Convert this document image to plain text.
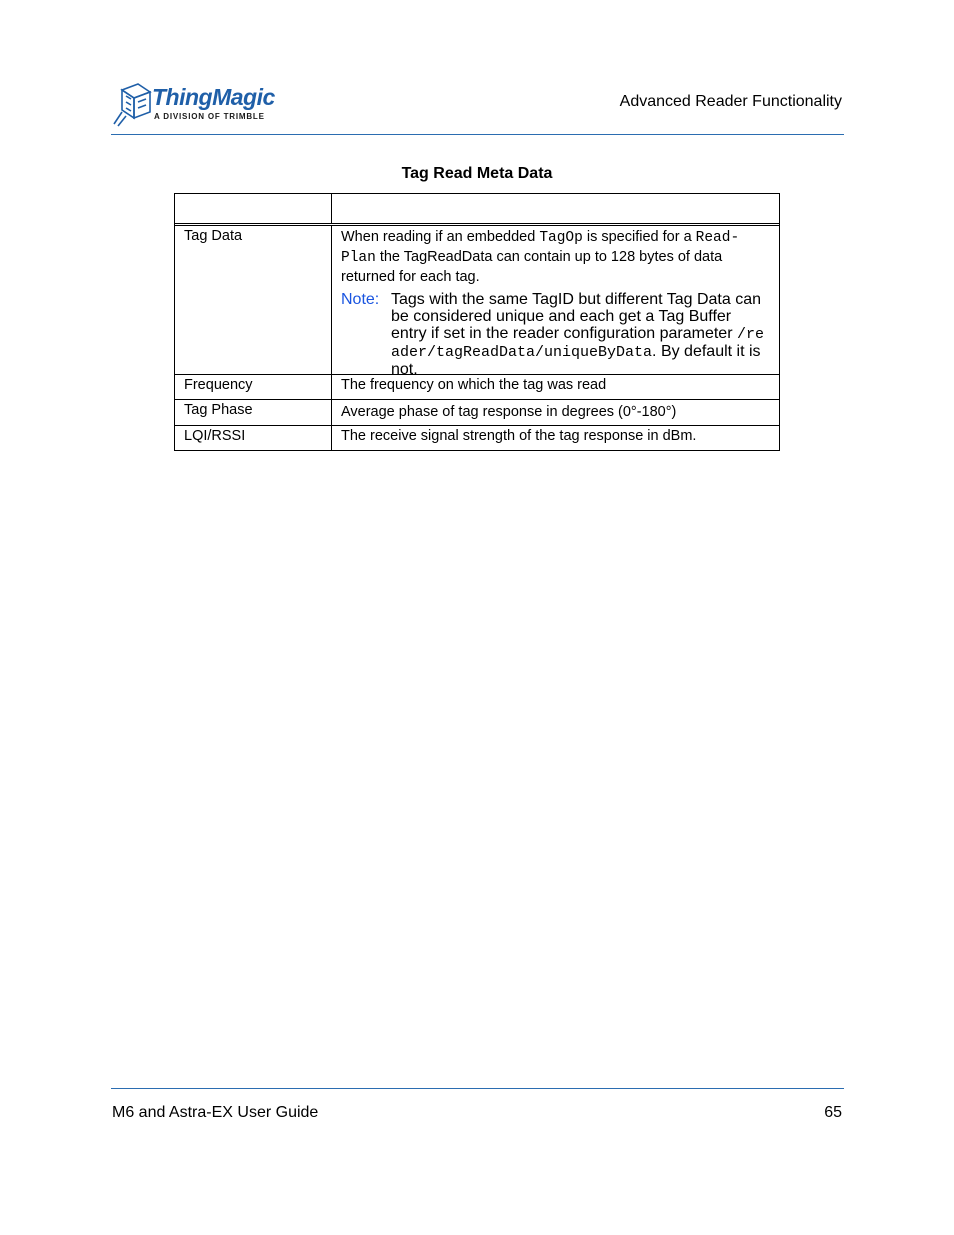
ThingMagic
A DIVISION OF TRIMBLE
Advanced Reader Functionality
Tag Read Meta Data
Tag Data	When reading if an embedded TagOp is specified for a Read-Plan the TagReadData can contain up to 128 bytes of data returned for each tag.
Note: Tags with the same TagID but different Tag Data can be considered unique and each get a Tag Buffer entry if set in the reader configuration parameter /reader/tagReadData/uniqueByData. By default it is not.
Frequency	The frequency on which the tag was read
Tag Phase	Average phase of tag response in degrees (0°-180°)
LQI/RSSI	The receive signal strength of the tag response in dBm.
M6 and Astra-EX User Guide	65
